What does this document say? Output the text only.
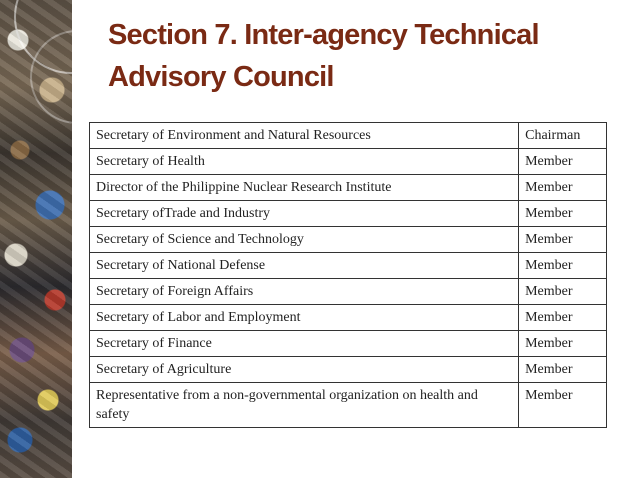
Section 7. Inter-agency Technical
Advisory Council
Secretary of Environment and Natural Resources	Chairman
Secretary of Health	Member
Director of the Philippine Nuclear Research Institute	Member
Secretary ofTrade and Industry	Member
Secretary of Science and Technology	Member
Secretary of National Defense	Member
Secretary of Foreign Affairs	Member
Secretary of Labor and Employment	Member
Secretary of Finance	Member
Secretary of Agriculture	Member
Representative from a non-governmental organization on health and safety	Member
